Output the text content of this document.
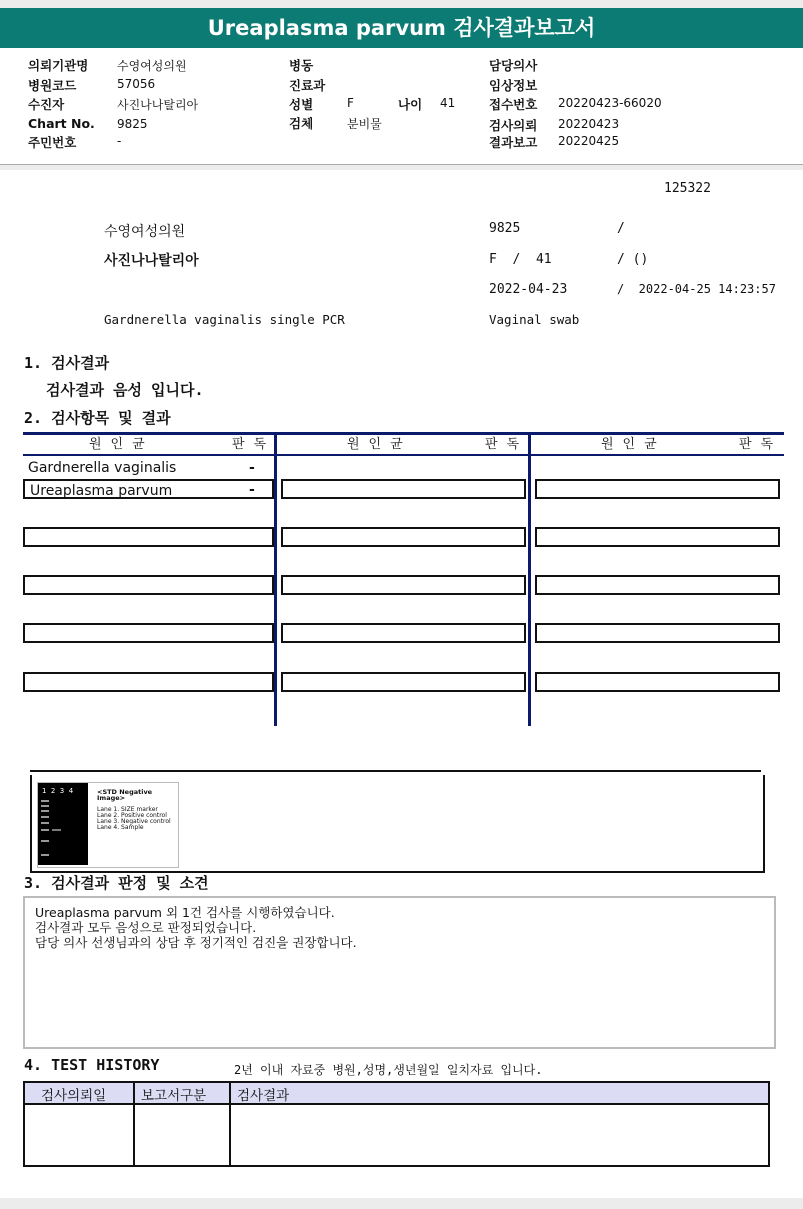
Ureaplasma parvum 검사결과보고서
의뢰기관명 수영여성의원
병원코드	57056
수진자	사진나나탈리아
Chart No. 9825
주민번호	-
병동
진료과
성별	F	나이 41
검체	분비물
담당의사
임상정보
접수번호 20220423-66020
검사의뢰 20220423
결과보고 20220425
125322
수영여성의원	9825	/
사진나나탈리아	F  /  41	/ ()
2022-04-23	/  2022-04-25 14:23:57
Gardnerella vaginalis single PCR	Vaginal swab
1. 검사결과
검사결과 음성 입니다.
2. 검사항목 및 결과
원인균	판독	원인균	판독	원인균	판독
Gardnerella vaginalis	-
Ureaplasma parvum	-
1  2  3  4	<STD Negative Image>
Lane 1. SIZE marker
Lane 2. Positive control
Lane 3. Negative control
Lane 4. Sample
3. 검사결과 판정 및 소견
Ureaplasma parvum 외 1건 검사를 시행하였습니다.
검사결과 모두 음성으로 판정되었습니다.
담당 의사 선생님과의 상담 후 정기적인 검진을 권장합니다.
4. TEST HISTORY	2년 이내 자료중 병원,성명,생년월일 일치자료 입니다.
검사의뢰일	보고서구분 검사결과
